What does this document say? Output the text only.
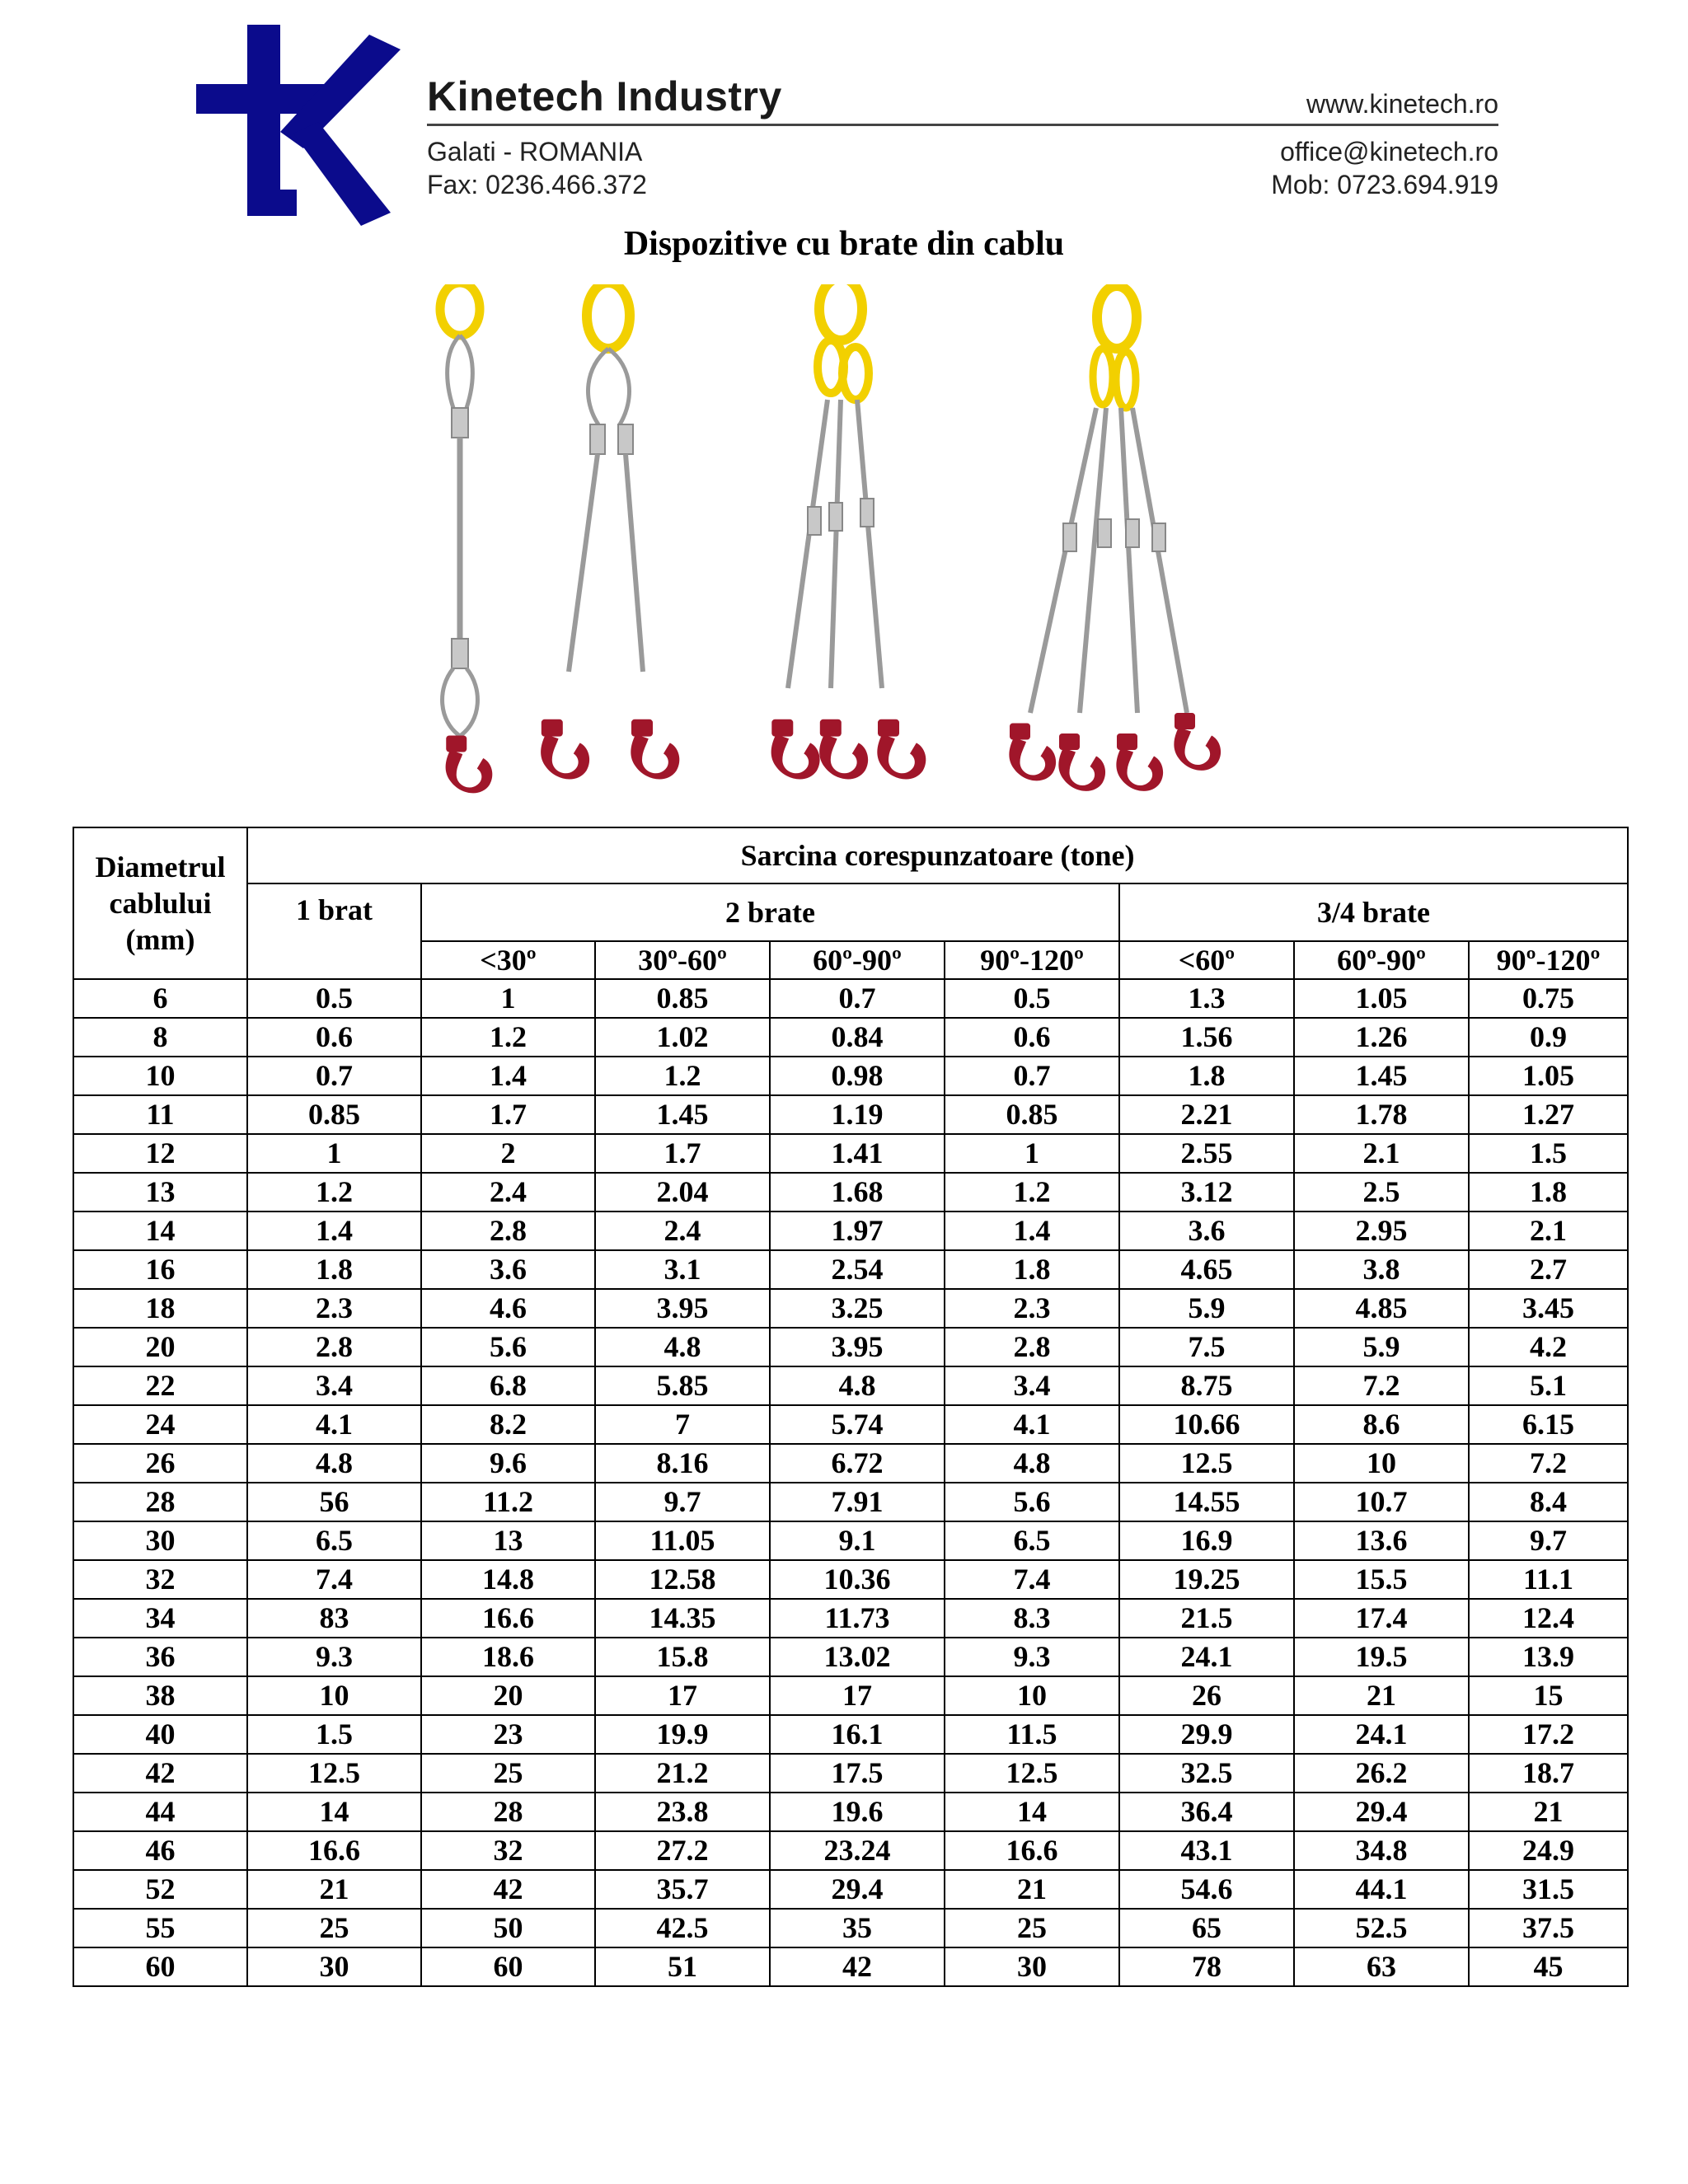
Kinetech Industry	www.kinetech.ro
Galati - ROMANIA
Fax: 0236.466.372
office@kinetech.ro
Mob: 0723.694.919
Dispozitive cu brate din cablu
Diametrul cablului (mm)	Sarcina corespunzatoare (tone)							
	1 brat	2 brate				3/4 brate		
		<30º	30º-60º	60º-90º	90º-120º	<60º	60º-90º	90º-120º
6	0.5	1	0.85	0.7	0.5	1.3	1.05	0.75
8	0.6	1.2	1.02	0.84	0.6	1.56	1.26	0.9
10	0.7	1.4	1.2	0.98	0.7	1.8	1.45	1.05
11	0.85	1.7	1.45	1.19	0.85	2.21	1.78	1.27
12	1	2	1.7	1.41	1	2.55	2.1	1.5
13	1.2	2.4	2.04	1.68	1.2	3.12	2.5	1.8
14	1.4	2.8	2.4	1.97	1.4	3.6	2.95	2.1
16	1.8	3.6	3.1	2.54	1.8	4.65	3.8	2.7
18	2.3	4.6	3.95	3.25	2.3	5.9	4.85	3.45
20	2.8	5.6	4.8	3.95	2.8	7.5	5.9	4.2
22	3.4	6.8	5.85	4.8	3.4	8.75	7.2	5.1
24	4.1	8.2	7	5.74	4.1	10.66	8.6	6.15
26	4.8	9.6	8.16	6.72	4.8	12.5	10	7.2
28	56	11.2	9.7	7.91	5.6	14.55	10.7	8.4
30	6.5	13	11.05	9.1	6.5	16.9	13.6	9.7
32	7.4	14.8	12.58	10.36	7.4	19.25	15.5	11.1
34	83	16.6	14.35	11.73	8.3	21.5	17.4	12.4
36	9.3	18.6	15.8	13.02	9.3	24.1	19.5	13.9
38	10	20	17	17	10	26	21	15
40	1.5	23	19.9	16.1	11.5	29.9	24.1	17.2
42	12.5	25	21.2	17.5	12.5	32.5	26.2	18.7
44	14	28	23.8	19.6	14	36.4	29.4	21
46	16.6	32	27.2	23.24	16.6	43.1	34.8	24.9
52	21	42	35.7	29.4	21	54.6	44.1	31.5
55	25	50	42.5	35	25	65	52.5	37.5
60	30	60	51	42	30	78	63	45
